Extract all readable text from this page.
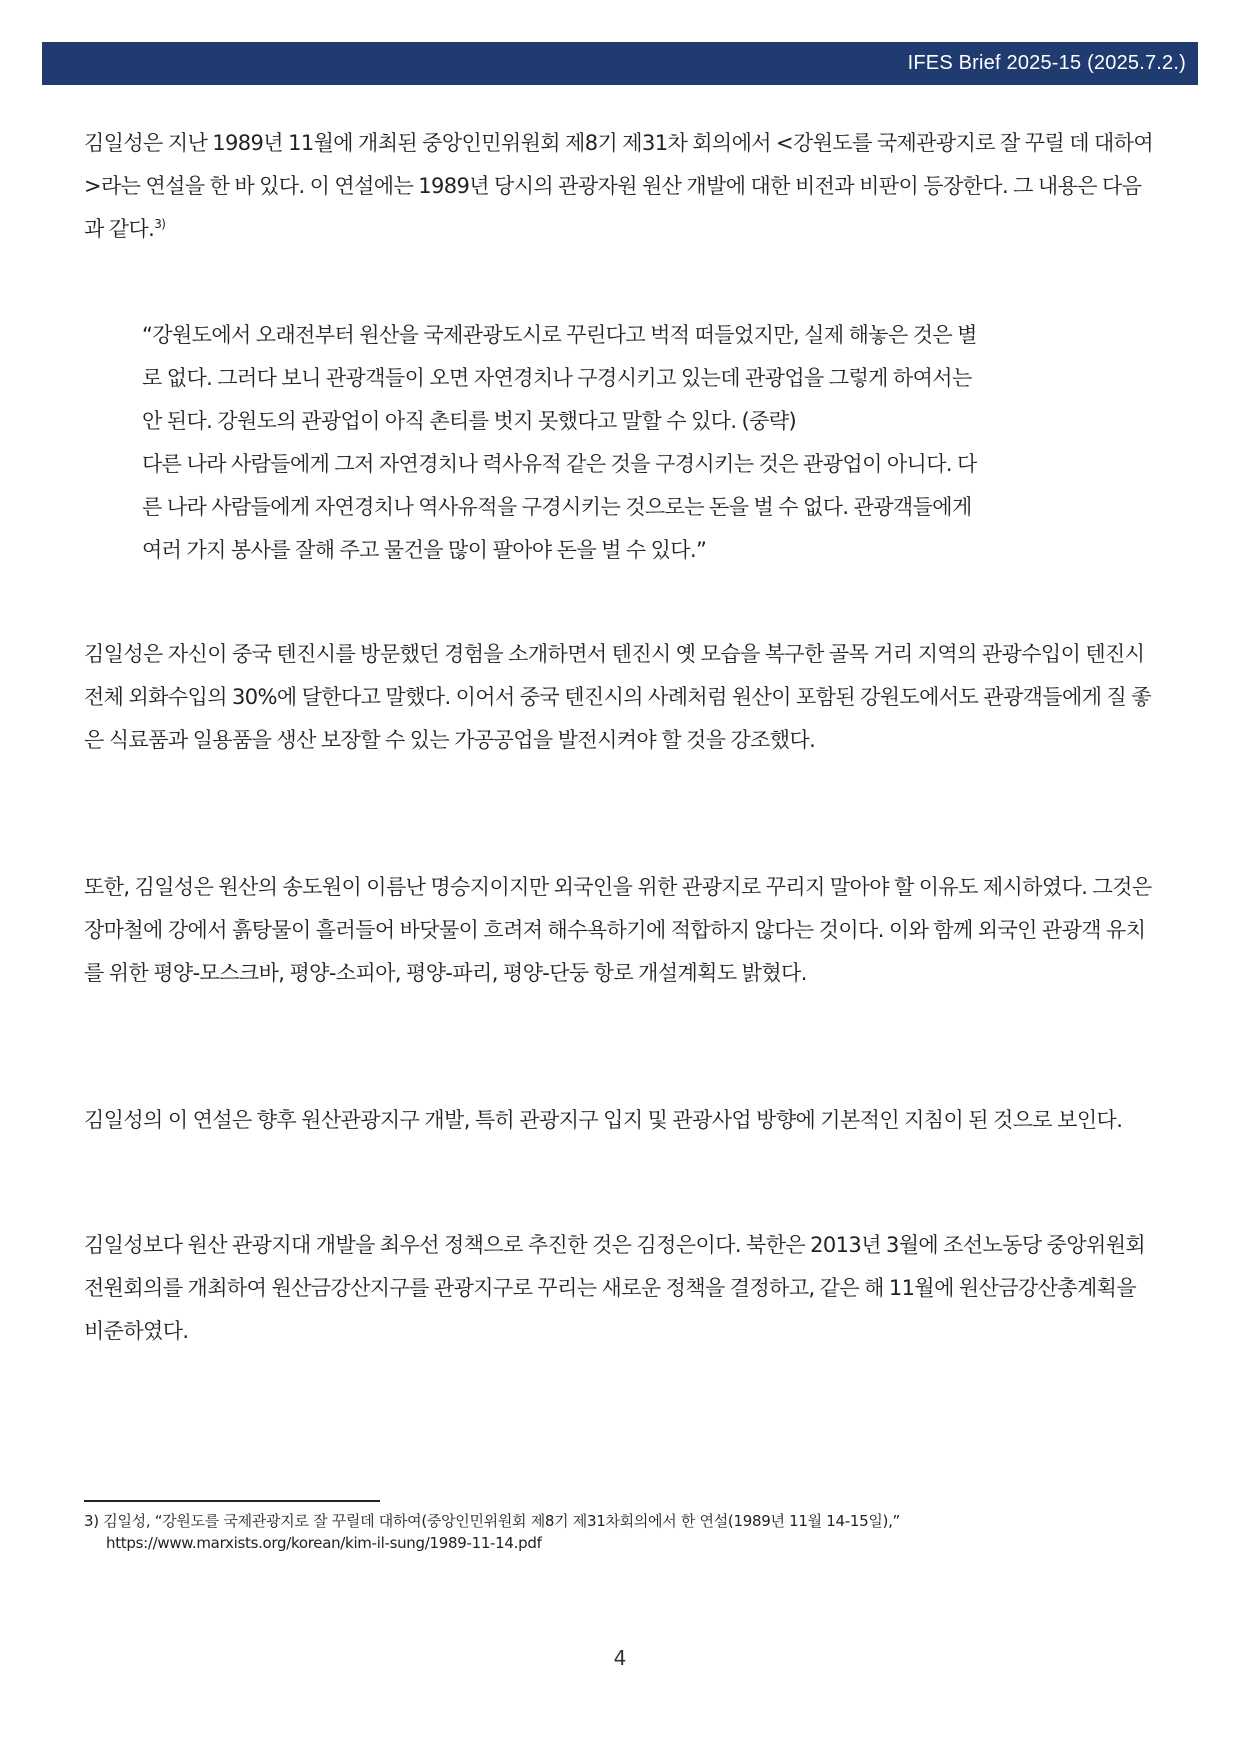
IFES Brief 2025-15 (2025.7.2.)

김일성은 지난 1989년 11월에 개최된 중앙인민위원회 제8기 제31차 회의에서 <강원도를 국제관광지로 잘 꾸릴 데 대하여>라는 연설을 한 바 있다. 이 연설에는 1989년 당시의 관광자원 원산 개발에 대한 비전과 비판이 등장한다. 그 내용은 다음과 같다.$^{3)}$

“강원도에서 오래전부터 원산을 국제관광도시로 꾸린다고 벅적 떠들었지만, 실제 해놓은 것은 별
로 없다. 그러다 보니 관광객들이 오면 자연경치나 구경시키고 있는데 관광업을 그렇게 하여서는
안 된다. 강원도의 관광업이 아직 촌티를 벗지 못했다고 말할 수 있다. (중략)
다른 나라 사람들에게 그저 자연경치나 력사유적 같은 것을 구경시키는 것은 관광업이 아니다. 다
른 나라 사람들에게 자연경치나 역사유적을 구경시키는 것으로는 돈을 벌 수 없다. 관광객들에게
여러 가지 봉사를 잘해 주고 물건을 많이 팔아야 돈을 벌 수 있다.”

김일성은 자신이 중국 텐진시를 방문했던 경험을 소개하면서 텐진시 옛 모습을 복구한 골목 거리 지역의 관광수입이 텐진시 전체 외화수입의 30%에 달한다고 말했다. 이어서 중국 텐진시의 사례처럼 원산이 포함된 강원도에서도 관광객들에게 질 좋은 식료품과 일용품을 생산 보장할 수 있는 가공공업을 발전시켜야 할 것을 강조했다.

또한, 김일성은 원산의 송도원이 이름난 명승지이지만 외국인을 위한 관광지로 꾸리지 말아야 할 이유도 제시하였다. 그것은 장마철에 강에서 흙탕물이 흘러들어 바닷물이 흐려져 해수욕하기에 적합하지 않다는 것이다. 이와 함께 외국인 관광객 유치를 위한 평양-모스크바, 평양-소피아, 평양-파리, 평양-단둥 항로 개설계획도 밝혔다.

김일성의 이 연설은 향후 원산관광지구 개발, 특히 관광지구 입지 및 관광사업 방향에 기본적인 지침이 된 것으로 보인다.

김일성보다 원산 관광지대 개발을 최우선 정책으로 추진한 것은 김정은이다. 북한은 2013년 3월에 조선노동당 중앙위원회 전원회의를 개최하여 원산금강산지구를 관광지구로 꾸리는 새로운 정책을 결정하고, 같은 해 11월에 원산금강산총계획을 비준하였다.

3) 김일성, “강원도를 국제관광지로 잘 꾸릴데 대하여(중앙인민위원회 제8기 제31차회의에서 한 연설(1989년 11월 14-15일),”
https://www.marxists.org/korean/kim-il-sung/1989-11-14.pdf

4
